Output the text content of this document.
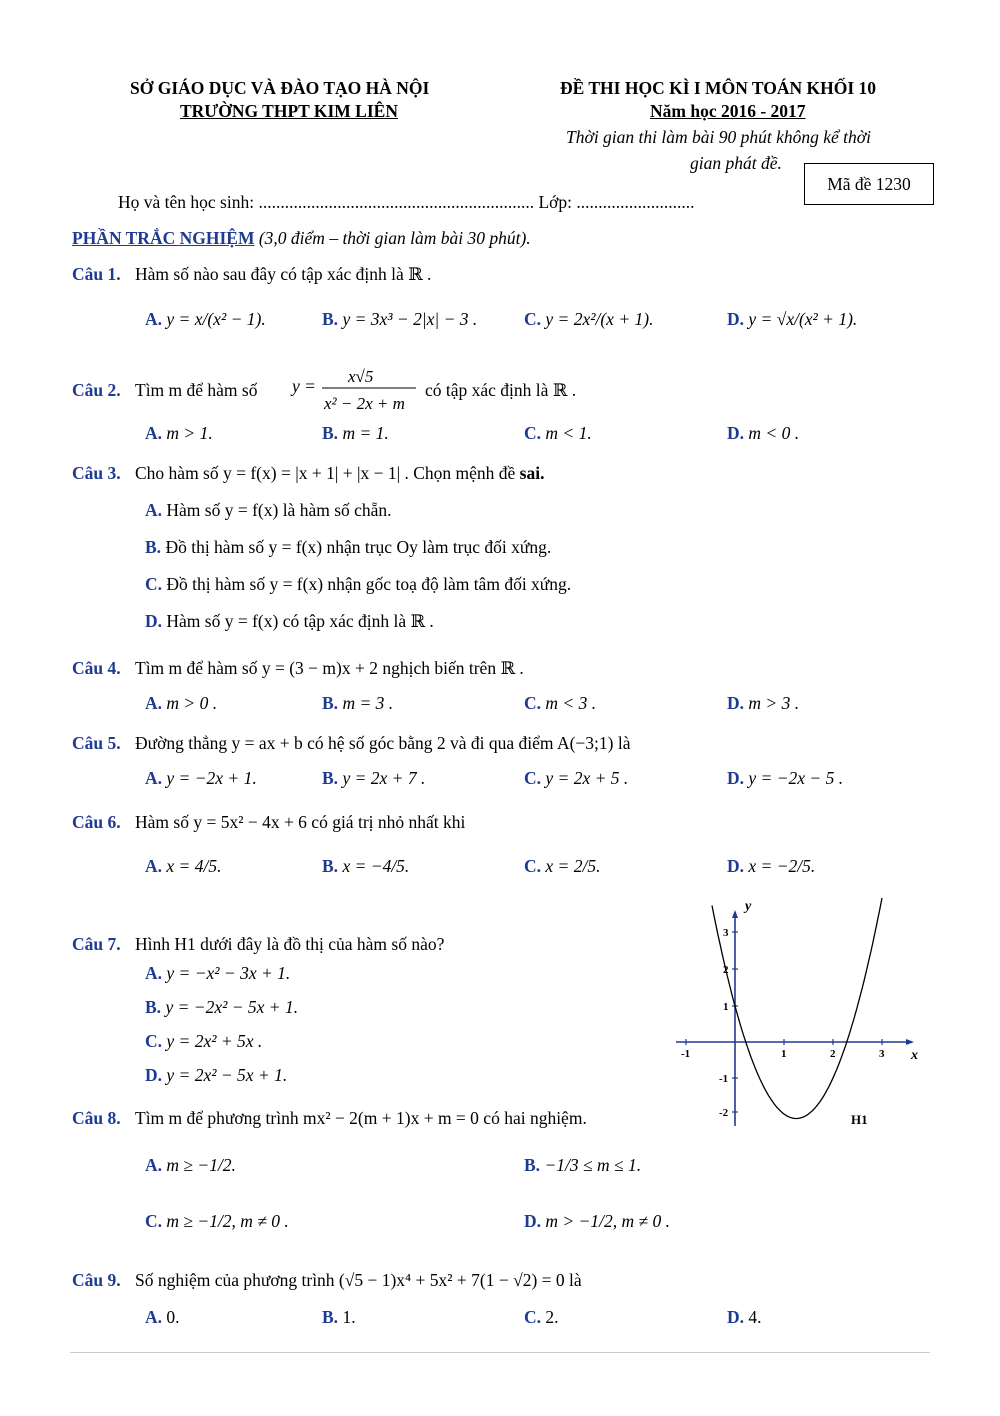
SỞ GIÁO DỤC VÀ ĐÀO TẠO HÀ NỘI
TRƯỜNG THPT KIM LIÊN
ĐỀ THI HỌC KÌ I MÔN TOÁN KHỐI 10
Năm học 2016 - 2017
Thời gian thi làm bài 90 phút không kể thời
gian phát đề.
Mã đề 1230
Họ và tên học sinh: ............................................................... Lớp: ...........................
PHẦN TRẮC NGHIỆM (3,0 điểm – thời gian làm bài 30 phút).
Câu 1. Hàm số nào sau đây có tập xác định là ℝ .
A. y = x/(x² − 1).	B. y = 3x³ − 2|x| − 3 .	C. y = 2x²/(x + 1).	D. y = √x/(x² + 1).
Câu 2. Tìm m để hàm số y = x√5
x² − 2x + m
có tập xác định là ℝ .
A. m > 1.	B. m = 1.	C. m < 1.	D. m < 0 .
Câu 3. Cho hàm số y = f(x) = |x + 1| + |x − 1| . Chọn mệnh đề sai.
A. Hàm số y = f(x) là hàm số chẵn.
B. Đồ thị hàm số y = f(x) nhận trục Oy làm trục đối xứng.
C. Đồ thị hàm số y = f(x) nhận gốc toạ độ làm tâm đối xứng.
D. Hàm số y = f(x) có tập xác định là ℝ .
Câu 4. Tìm m để hàm số y = (3 − m)x + 2 nghịch biến trên ℝ .
A. m > 0 .	B. m = 3 .	C. m < 3 .	D. m > 3 .
Câu 5. Đường thẳng y = ax + b có hệ số góc bằng 2 và đi qua điểm A(−3;1) là
A. y = −2x + 1.	B. y = 2x + 7 .	C. y = 2x + 5 .	D. y = −2x − 5 .
Câu 6. Hàm số y = 5x² − 4x + 6 có giá trị nhỏ nhất khi
A. x = 4/5.	B. x = −4/5.	C. x = 2/5.	D. x = −2/5.
Câu 7. Hình H1 dưới đây là đồ thị của hàm số nào?
A. y = −x² − 3x + 1.
B. y = −2x² − 5x + 1.
C. y = 2x² + 5x .
D. y = 2x² − 5x + 1.
-1	1	2	3
3
2
1
-1
-2
x
y
H1
Câu 8. Tìm m để phương trình mx² − 2(m + 1)x + m = 0 có hai nghiệm.
A. m ≥ −1/2.	B. −1/3 ≤ m ≤ 1.
C. m ≥ −1/2, m ≠ 0 .	D. m > −1/2, m ≠ 0 .
Câu 9. Số nghiệm của phương trình (√5 − 1)x⁴ + 5x² + 7(1 − √2) = 0 là
A. 0.	B. 1.	C. 2.	D. 4.
